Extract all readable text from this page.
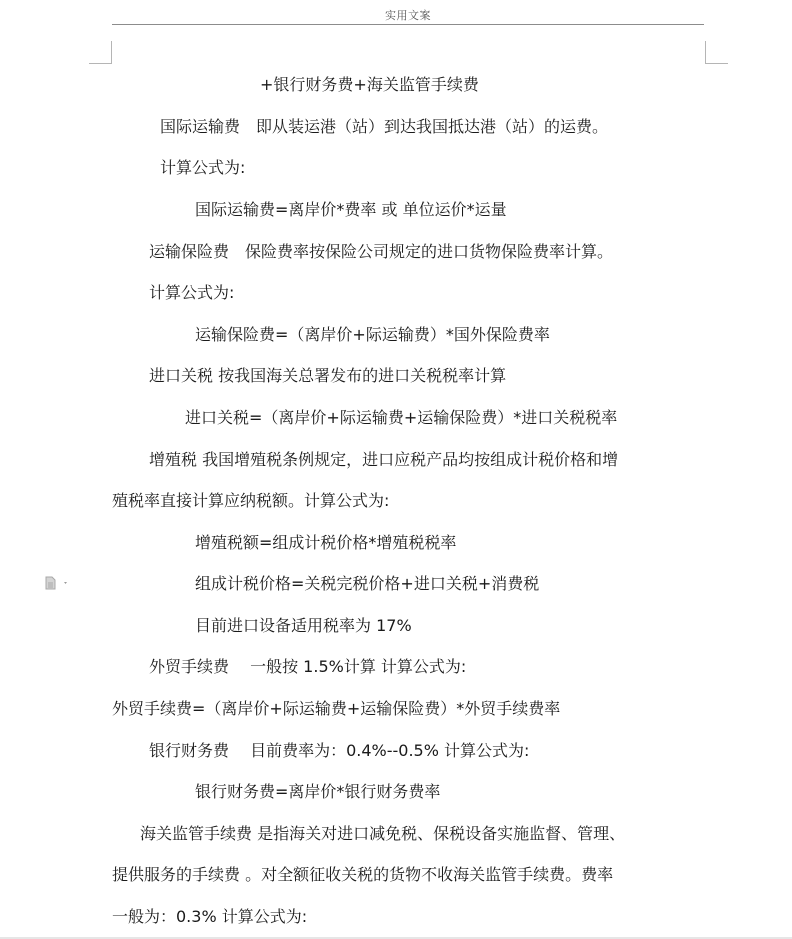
实用文案
+银行财务费+海关监管手续费
国际运输费　即从装运港（站）到达我国抵达港（站）的运费。
计算公式为:
国际运输费=离岸价*费率 或 单位运价*运量
运输保险费　保险费率按保险公司规定的进口货物保险费率计算。
计算公式为:
运输保险费=（离岸价+际运输费）*国外保险费率
进口关税 按我国海关总署发布的进口关税税率计算
进口关税=（离岸价+际运输费+运输保险费）*进口关税税率
增殖税 我国增殖税条例规定，进口应税产品均按组成计税价格和增
殖税率直接计算应纳税额。计算公式为:
增殖税额=组成计税价格*增殖税税率
组成计税价格=关税完税价格+进口关税+消费税
目前进口设备适用税率为 17%
外贸手续费　 一般按 1.5%计算 计算公式为:
外贸手续费=（离岸价+际运输费+运输保险费）*外贸手续费率
银行财务费　 目前费率为：0.4%--0.5% 计算公式为:
银行财务费=离岸价*银行财务费率
海关监管手续费 是指海关对进口减免税、保税设备实施监督、管理、
提供服务的手续费 。对全额征收关税的货物不收海关监管手续费。费率
一般为：0.3% 计算公式为:
